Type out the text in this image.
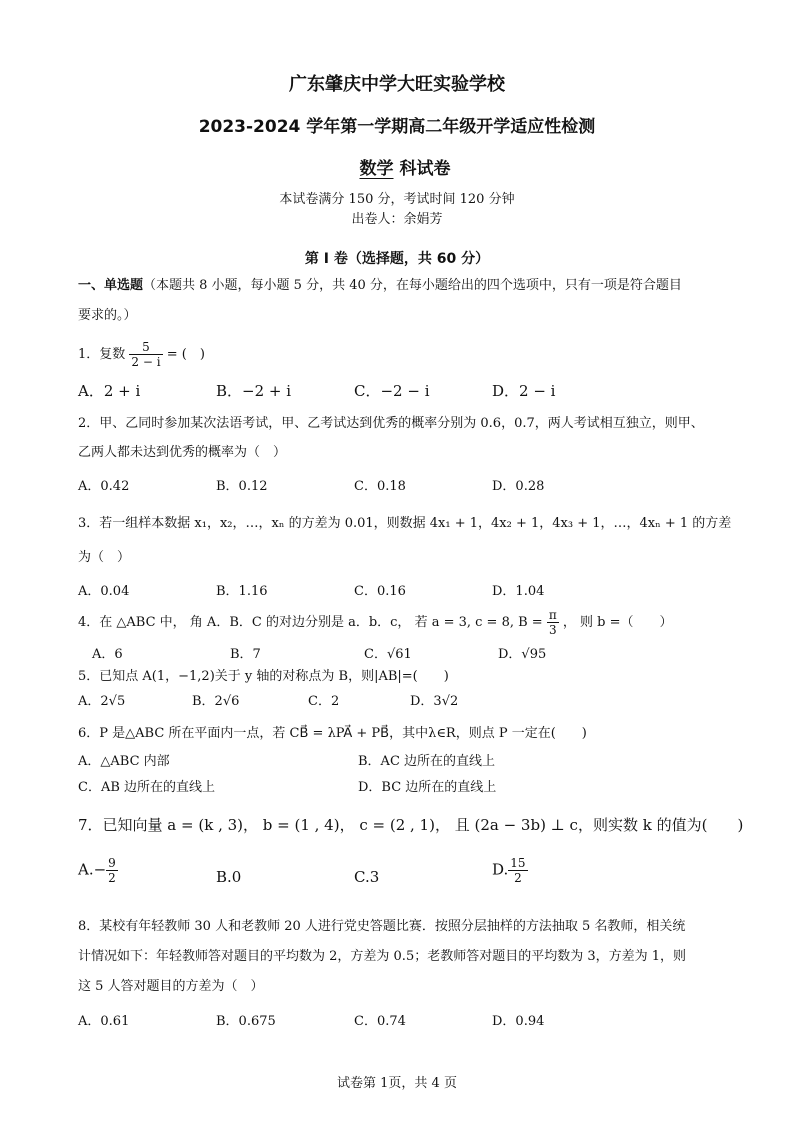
广东肇庆中学大旺实验学校
2023-2024 学年第一学期高二年级开学适应性检测
数学 科试卷
本试卷满分 150 分，考试时间 120 分钟
出卷人：余娟芳
第 I 卷（选择题，共 60 分）
一、单选题（本题共 8 小题，每小题 5 分，共 40 分，在每小题给出的四个选项中，只有一项是符合题目
要求的。）
1．复数 $\frac{5}{2 - i}$ = (　)
A．2 + i	B．−2 + i	C．−2 − i	D．2 − i
2．甲、乙同时参加某次法语考试，甲、乙考试达到优秀的概率分别为 0.6，0.7，两人考试相互独立，则甲、
乙两人都未达到优秀的概率为（　）
A．0.42	B．0.12	C．0.18	D．0.28
3．若一组样本数据 x₁，x₂，…，xₙ 的方差为 0.01，则数据 4x₁ + 1，4x₂ + 1，4x₃ + 1，…，4xₙ + 1 的方差
为（　）
A．0.04	B．1.16	C．0.16	D．1.04
4．在 △ABC 中， 角 A．B．C 的对边分别是 a．b．c， 若 a = 3, c = 8, $B = \frac{\pi}{3}$ ， 则 b =（　　）
A．6	B．7	C．√61	D．√95
5．已知点 A(1，−1,2)关于 y 轴的对称点为 B，则|AB|=(　　)
A．2√5	B．2√6	C．2	D．3√2
6．P 是△ABC 所在平面内一点，若 CB⃗ = λPA⃗ + PB⃗，其中λ∈R，则点 P 一定在(　　)
A．△ABC 内部	B．AC 边所在的直线上
C．AB 边所在的直线上	D．BC 边所在的直线上
7．已知向量 a = (k , 3)， b = (1 , 4)， c = (2 , 1)， 且 (2a − 3b) ⊥ c，则实数 k 的值为(　　)
$A.- \frac{9}{2}$	B.0	C.3	D. $\frac{15}{2}$
8．某校有年轻教师 30 人和老教师 20 人进行党史答题比赛．按照分层抽样的方法抽取 5 名教师，相关统
计情况如下：年轻教师答对题目的平均数为 2，方差为 0.5；老教师答对题目的平均数为 3，方差为 1，则
这 5 人答对题目的方差为（　）
A．0.61	B．0.675	C．0.74	D．0.94
试卷第 1页，共 4 页
